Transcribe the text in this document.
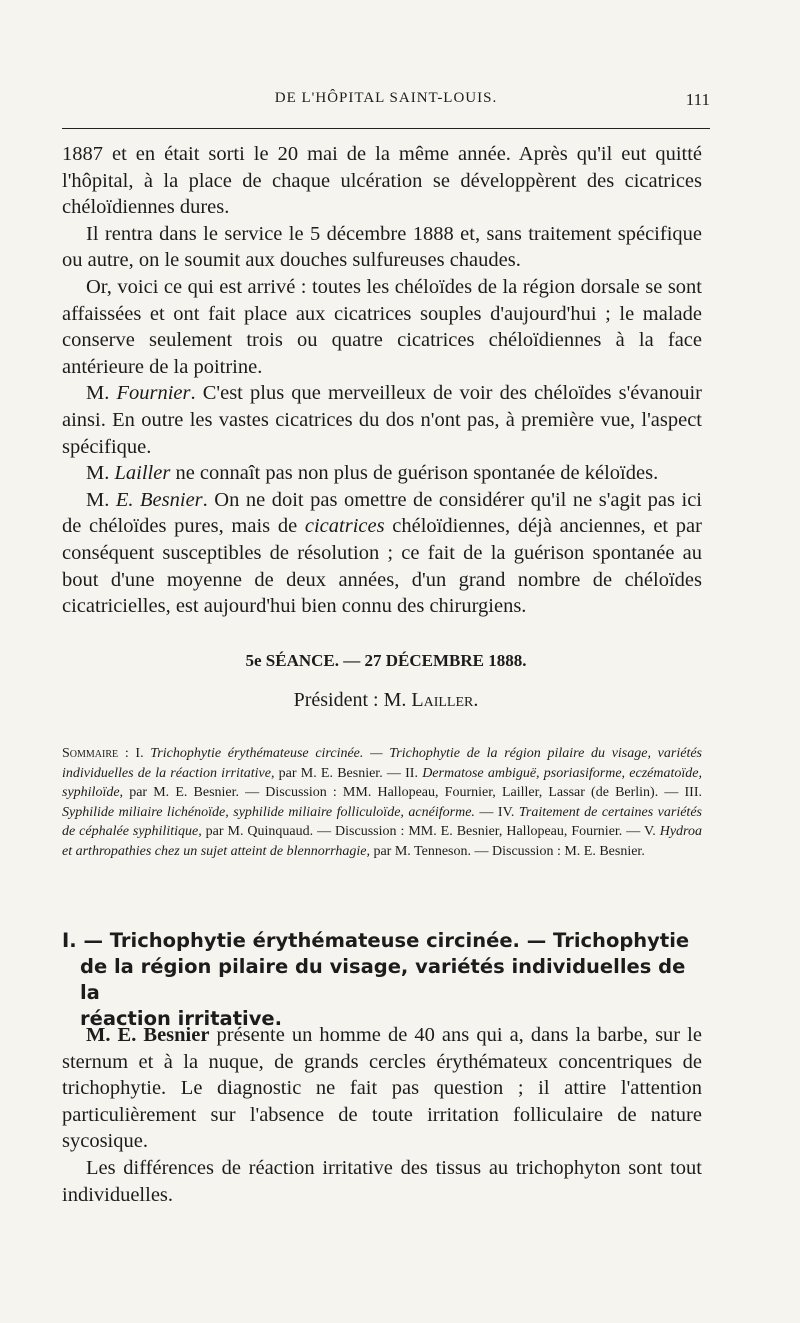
DE L'HÔPITAL SAINT-LOUIS.	111

1887 et en était sorti le 20 mai de la même année. Après qu'il eut quitté l'hôpital, à la place de chaque ulcération se développèrent des cicatrices chéloïdiennes dures.

Il rentra dans le service le 5 décembre 1888 et, sans traitement spécifique ou autre, on le soumit aux douches sulfureuses chaudes.

Or, voici ce qui est arrivé : toutes les chéloïdes de la région dorsale se sont affaissées et ont fait place aux cicatrices souples d'aujourd'hui ; le malade conserve seulement trois ou quatre cicatrices chéloïdiennes à la face antérieure de la poitrine.

M. Fournier. C'est plus que merveilleux de voir des chéloïdes s'évanouir ainsi. En outre les vastes cicatrices du dos n'ont pas, à première vue, l'aspect spécifique.

M. Lailler ne connaît pas non plus de guérison spontanée de kéloïdes.

M. E. Besnier. On ne doit pas omettre de considérer qu'il ne s'agit pas ici de chéloïdes pures, mais de cicatrices chéloïdiennes, déjà anciennes, et par conséquent susceptibles de résolution ; ce fait de la guérison spontanée au bout d'une moyenne de deux années, d'un grand nombre de chéloïdes cicatricielles, est aujourd'hui bien connu des chirurgiens.

5e SÉANCE. — 27 DÉCEMBRE 1888.
Président : M. Lailler.

Sommaire : I. Trichophytie érythémateuse circinée. — Trichophytie de la région pilaire du visage, variétés individuelles de la réaction irritative, par M. E. Besnier. — II. Dermatose ambiguë, psoriasiforme, eczématoïde, syphiloïde, par M. E. Besnier. — Discussion : MM. Hallopeau, Fournier, Lailler, Lassar (de Berlin). — III. Syphilide miliaire lichénoïde, syphilide miliaire folliculoïde, acnéiforme. — IV. Traitement de certaines variétés de céphalée syphilitique, par M. Quinquaud. — Discussion : MM. E. Besnier, Hallopeau, Fournier. — V. Hydroa et arthropathies chez un sujet atteint de blennorrhagie, par M. Tenneson. — Discussion : M. E. Besnier.

I. — Trichophytie érythémateuse circinée. — Trichophytie
de la région pilaire du visage, variétés individuelles de la
réaction irritative.

M. E. Besnier présente un homme de 40 ans qui a, dans la barbe, sur le sternum et à la nuque, de grands cercles érythémateux concentriques de trichophytie. Le diagnostic ne fait pas question ; il attire l'attention particulièrement sur l'absence de toute irritation folliculaire de nature sycosique.

Les différences de réaction irritative des tissus au trichophyton sont tout individuelles.
